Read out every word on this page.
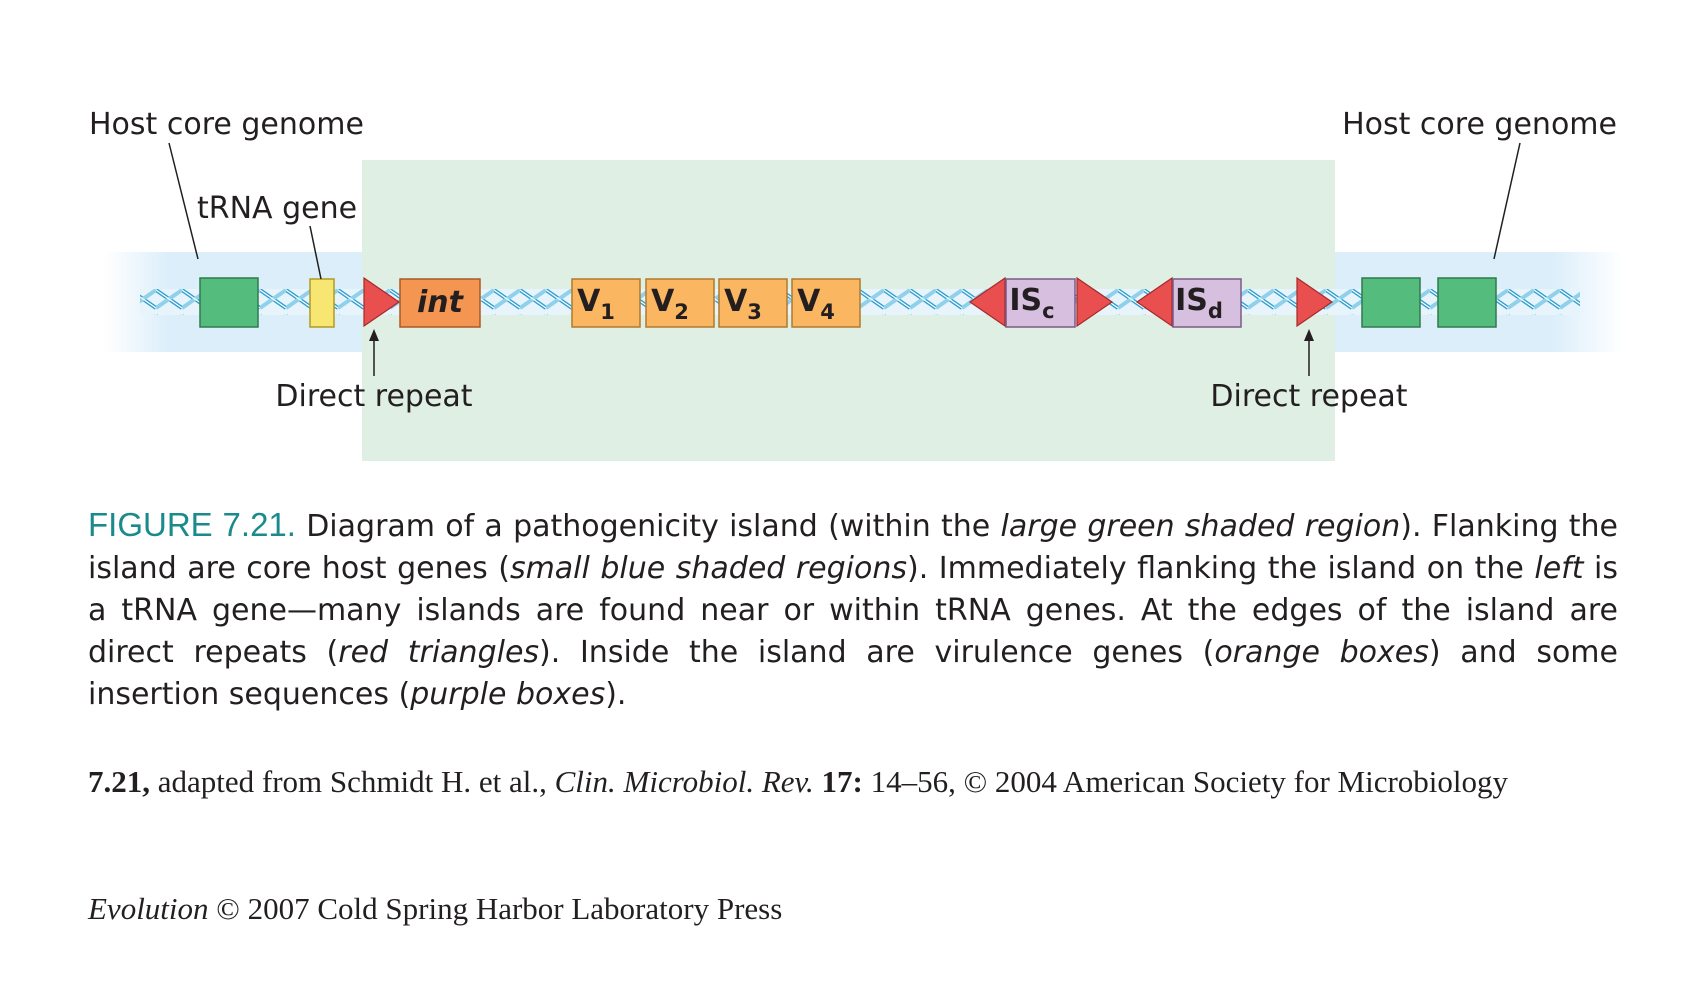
int	$V_1$ $V_2$ $V_3$ $V_4$	$IS_c$	$IS_d$
Host core genome	Host core genome
tRNA gene
Direct repeat	Direct repeat

FIGURE 7.21. Diagram of a pathogenicity island (within the large green shaded region). Flanking the island are core host genes (small blue shaded regions). Immediately flanking the island on the left is a tRNA gene—many islands are found near or within tRNA genes. At the edges of the island are direct repeats (red triangles). Inside the island are virulence genes (orange boxes) and some insertion sequences (purple boxes).

7.21, adapted from Schmidt H. et al., Clin. Microbiol. Rev. 17: 14–56, © 2004 American Society for Microbiology

Evolution © 2007 Cold Spring Harbor Laboratory Press
